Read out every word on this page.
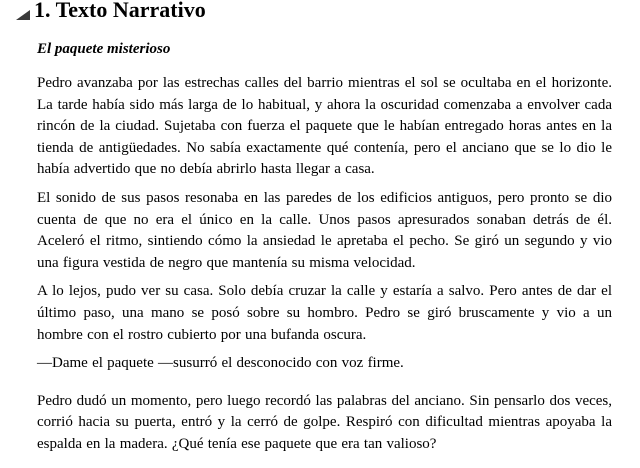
1. Texto Narrativo
El paquete misterioso

Pedro avanzaba por las estrechas calles del barrio mientras el sol se ocultaba en el horizonte. La tarde había sido más larga de lo habitual, y ahora la oscuridad comenzaba a envolver cada rincón de la ciudad. Sujetaba con fuerza el paquete que le habían entregado horas antes en la tienda de antigüedades. No sabía exactamente qué contenía, pero el anciano que se lo dio le había advertido que no debía abrirlo hasta llegar a casa.

El sonido de sus pasos resonaba en las paredes de los edificios antiguos, pero pronto se dio cuenta de que no era el único en la calle. Unos pasos apresurados sonaban detrás de él. Aceleró el ritmo, sintiendo cómo la ansiedad le apretaba el pecho. Se giró un segundo y vio una figura vestida de negro que mantenía su misma velocidad.

A lo lejos, pudo ver su casa. Solo debía cruzar la calle y estaría a salvo. Pero antes de dar el último paso, una mano se posó sobre su hombro. Pedro se giró bruscamente y vio a un hombre con el rostro cubierto por una bufanda oscura.

—Dame el paquete —susurró el desconocido con voz firme.

Pedro dudó un momento, pero luego recordó las palabras del anciano. Sin pensarlo dos veces, corrió hacia su puerta, entró y la cerró de golpe. Respiró con dificultad mientras apoyaba la espalda en la madera. ¿Qué tenía ese paquete que era tan valioso?
